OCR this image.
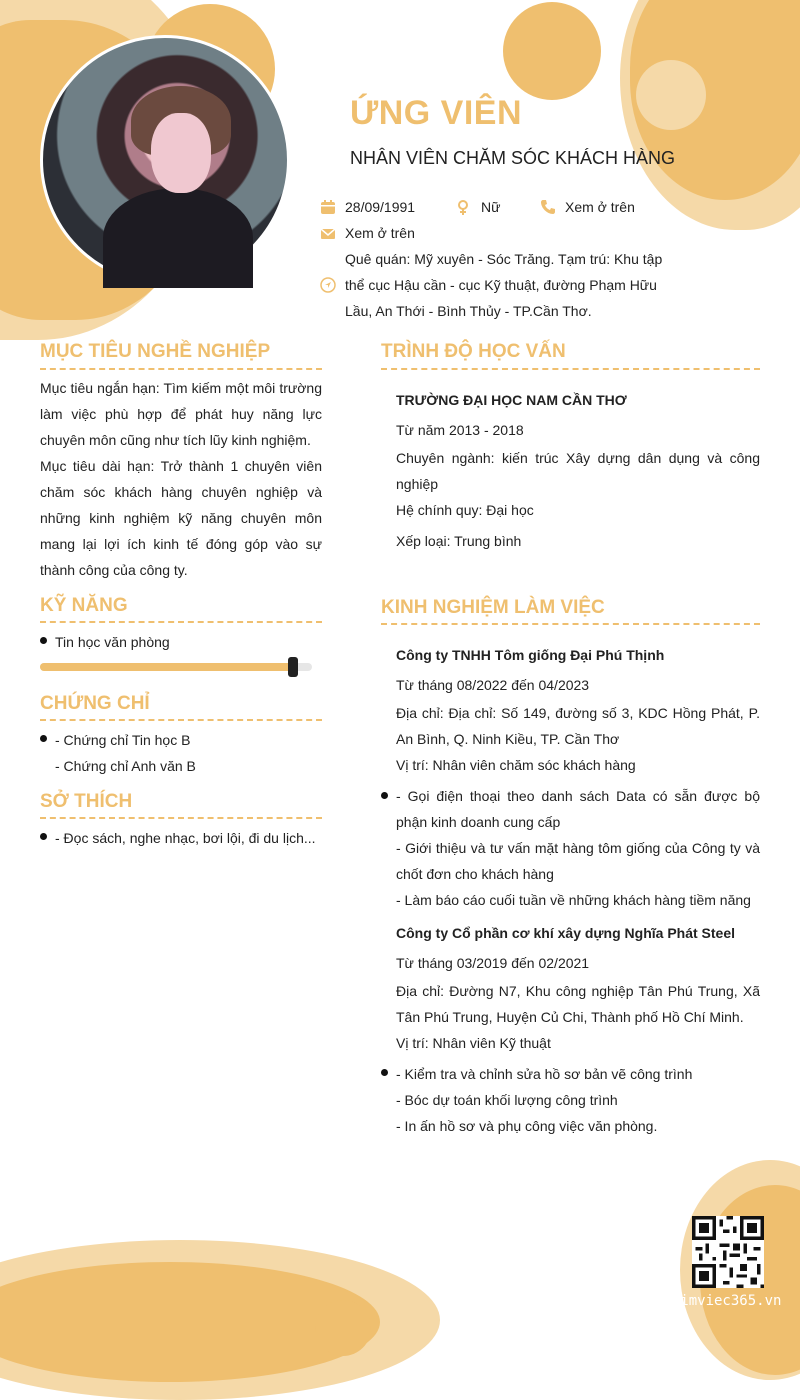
ỨNG VIÊN
NHÂN VIÊN CHĂM SÓC KHÁCH HÀNG
28/09/1991	Nữ	Xem ở trên
Xem ở trên
Quê quán: Mỹ xuyên - Sóc Trăng. Tạm trú: Khu tập
thể cục Hậu cần - cục Kỹ thuật, đường Phạm Hữu
Lầu, An Thới - Bình Thủy - TP.Cần Thơ.
MỤC TIÊU NGHỀ NGHIỆP
Mục tiêu ngắn hạn: Tìm kiếm một môi trường làm việc phù hợp để phát huy năng lực chuyên môn cũng như tích lũy kinh nghiệm.
Mục tiêu dài hạn: Trở thành 1 chuyên viên chăm sóc khách hàng chuyên nghiệp và những kinh nghiệm kỹ năng chuyên môn mang lại lợi ích kinh tế đóng góp vào sự thành công của công ty.
KỸ NĂNG
Tin học văn phòng
CHỨNG CHỈ
- Chứng chỉ Tin học B
- Chứng chỉ Anh văn B
SỞ THÍCH
- Đọc sách, nghe nhạc, bơi lội, đi du lịch...
TRÌNH ĐỘ HỌC VẤN
TRƯỜNG ĐẠI HỌC NAM CẦN THƠ
Từ năm 2013 - 2018
Chuyên ngành: kiến trúc Xây dựng dân dụng và công nghiệp
Hệ chính quy: Đại học
Xếp loại: Trung bình
KINH NGHIỆM LÀM VIỆC
Công ty TNHH Tôm giống Đại Phú Thịnh
Từ tháng 08/2022 đến 04/2023
Địa chỉ: Địa chỉ: Số 149, đường số 3, KDC Hồng Phát, P. An Bình, Q. Ninh Kiều, TP. Cần Thơ
Vị trí: Nhân viên chăm sóc khách hàng
- Gọi điện thoại theo danh sách Data có sẵn được bộ phận kinh doanh cung cấp
- Giới thiệu và tư vấn mặt hàng tôm giống của Công ty và chốt đơn cho khách hàng
- Làm báo cáo cuối tuần về những khách hàng tiềm năng
Công ty Cổ phần cơ khí xây dựng Nghĩa Phát Steel
Từ tháng 03/2019 đến 02/2021
Địa chỉ: Đường N7, Khu công nghiệp Tân Phú Trung, Xã Tân Phú Trung, Huyện Củ Chi, Thành phố Hồ Chí Minh.
Vị trí: Nhân viên Kỹ thuật
- Kiểm tra và chỉnh sửa hồ sơ bản vẽ công trình
- Bóc dự toán khối lượng công trình
- In ấn hồ sơ và phụ công việc văn phòng.
© Timviec365.vn
